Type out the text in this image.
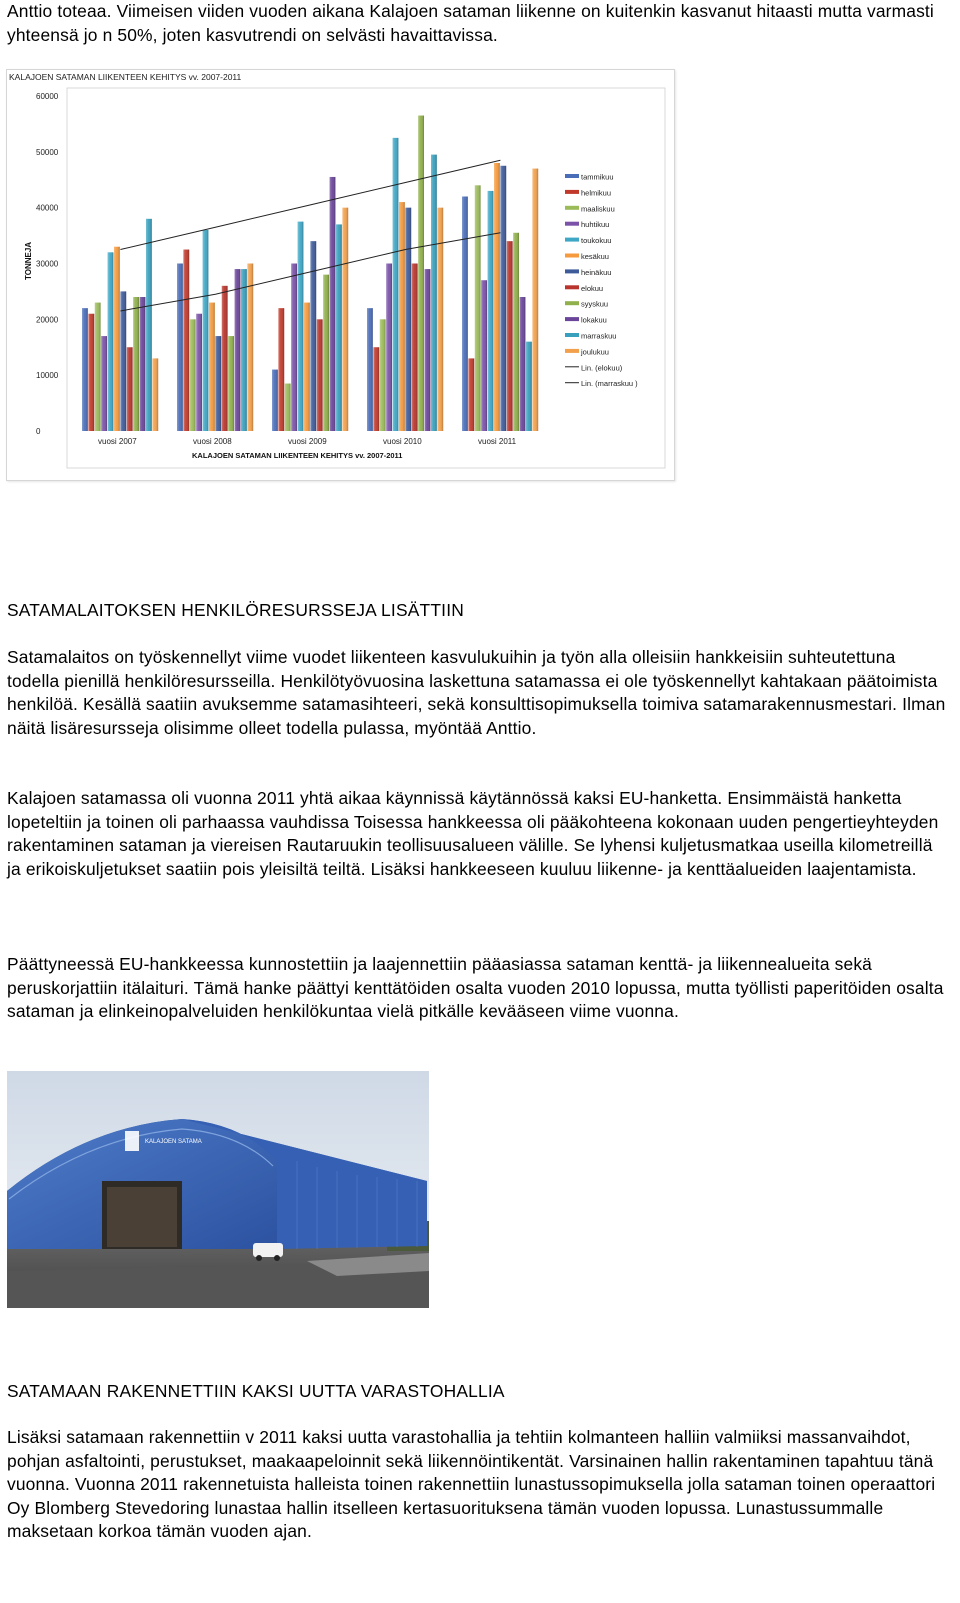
Anttio toteaa. Viimeisen viiden vuoden aikana Kalajoen sataman liikenne on kuitenkin kasvanut hitaasti mutta varmasti yhteensä jo n 50%, joten kasvutrendi on selvästi havaittavissa.

KALAJOEN SATAMAN LIIKENTEEN KEHITYS vv. 2007-2011
TONNEJA
0
10000
20000
30000
40000
50000
60000
vuosi 2007	vuosi 2008	vuosi 2009	vuosi 2010	vuosi 2011
KALAJOEN SATAMAN LIIKENTEEN KEHITYS vv. 2007-2011
tammikuu
helmikuu
maaliskuu
huhtikuu
toukokuu
kesäkuu
heinäkuu
elokuu
syyskuu
lokakuu
marraskuu
joulukuu
Lin. (elokuu)
Lin. (marraskuu )
SATAMALAITOKSEN HENKILÖRESURSSEJA LISÄTTIIN

Satamalaitos on työskennellyt viime vuodet liikenteen kasvulukuihin ja työn alla olleisiin hankkeisiin suhteutettuna todella pienillä henkilöresursseilla. Henkilötyövuosina laskettuna satamassa ei ole työskennellyt kahtakaan päätoimista henkilöä. Kesällä saatiin avuksemme satamasihteeri, sekä konsulttisopimuksella toimiva satamarakennusmestari. Ilman näitä lisäresursseja olisimme olleet todella pulassa, myöntää Anttio.

Kalajoen satamassa oli vuonna 2011 yhtä aikaa käynnissä käytännössä kaksi EU-hanketta. Ensimmäistä hanketta lopeteltiin ja toinen oli parhaassa vauhdissa Toisessa hankkeessa oli pääkohteena kokonaan uuden pengertieyhteyden rakentaminen sataman ja viereisen Rautaruukin teollisuusalueen välille. Se lyhensi kuljetusmatkaa useilla kilometreillä ja erikoiskuljetukset saatiin pois yleisiltä teiltä. Lisäksi hankkeeseen kuuluu liikenne- ja kenttäalueiden laajentamista.

Päättyneessä EU-hankkeessa kunnostettiin ja laajennettiin pääasiassa sataman kenttä- ja liikennealueita sekä peruskorjattiin itälaituri. Tämä hanke päättyi kenttätöiden osalta vuoden 2010 lopussa, mutta työllisti paperitöiden osalta sataman ja elinkeinopalveluiden henkilökuntaa vielä pitkälle kevääseen viime vuonna.

KALAJOEN SATAMA
SATAMAAN RAKENNETTIIN KAKSI UUTTA VARASTOHALLIA

Lisäksi satamaan rakennettiin v 2011 kaksi uutta varastohallia ja tehtiin kolmanteen halliin valmiiksi massanvaihdot, pohjan asfaltointi, perustukset, maakaapeloinnit sekä liikennöintikentät. Varsinainen hallin rakentaminen tapahtuu tänä vuonna. Vuonna 2011 rakennetuista halleista toinen rakennettiin lunastussopimuksella jolla sataman toinen operaattori Oy Blomberg Stevedoring lunastaa hallin itselleen kertasuorituksena tämän vuoden lopussa. Lunastussummalle maksetaan korkoa tämän vuoden ajan.
